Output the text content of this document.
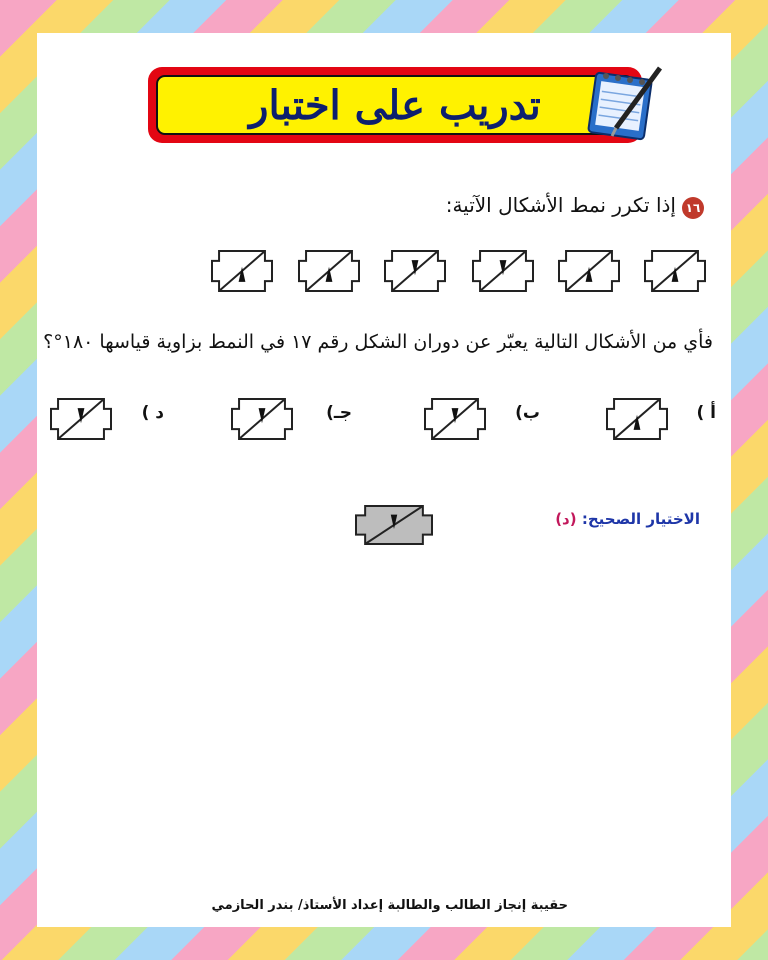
تدريب على اختبار
١٦
إذا تكرر نمط الأشكال الآتية:
فأي من الأشكال التالية يعبّر عن دوران الشكل رقم ١٧ في النمط بزاوية قياسها ١٨٠°؟
أ )
ب)
جـ)
د )
الاختيار الصحيح: (د)
حقيبة إنجاز الطالب والطالبة إعداد الأستاذ/ بندر الحازمي
